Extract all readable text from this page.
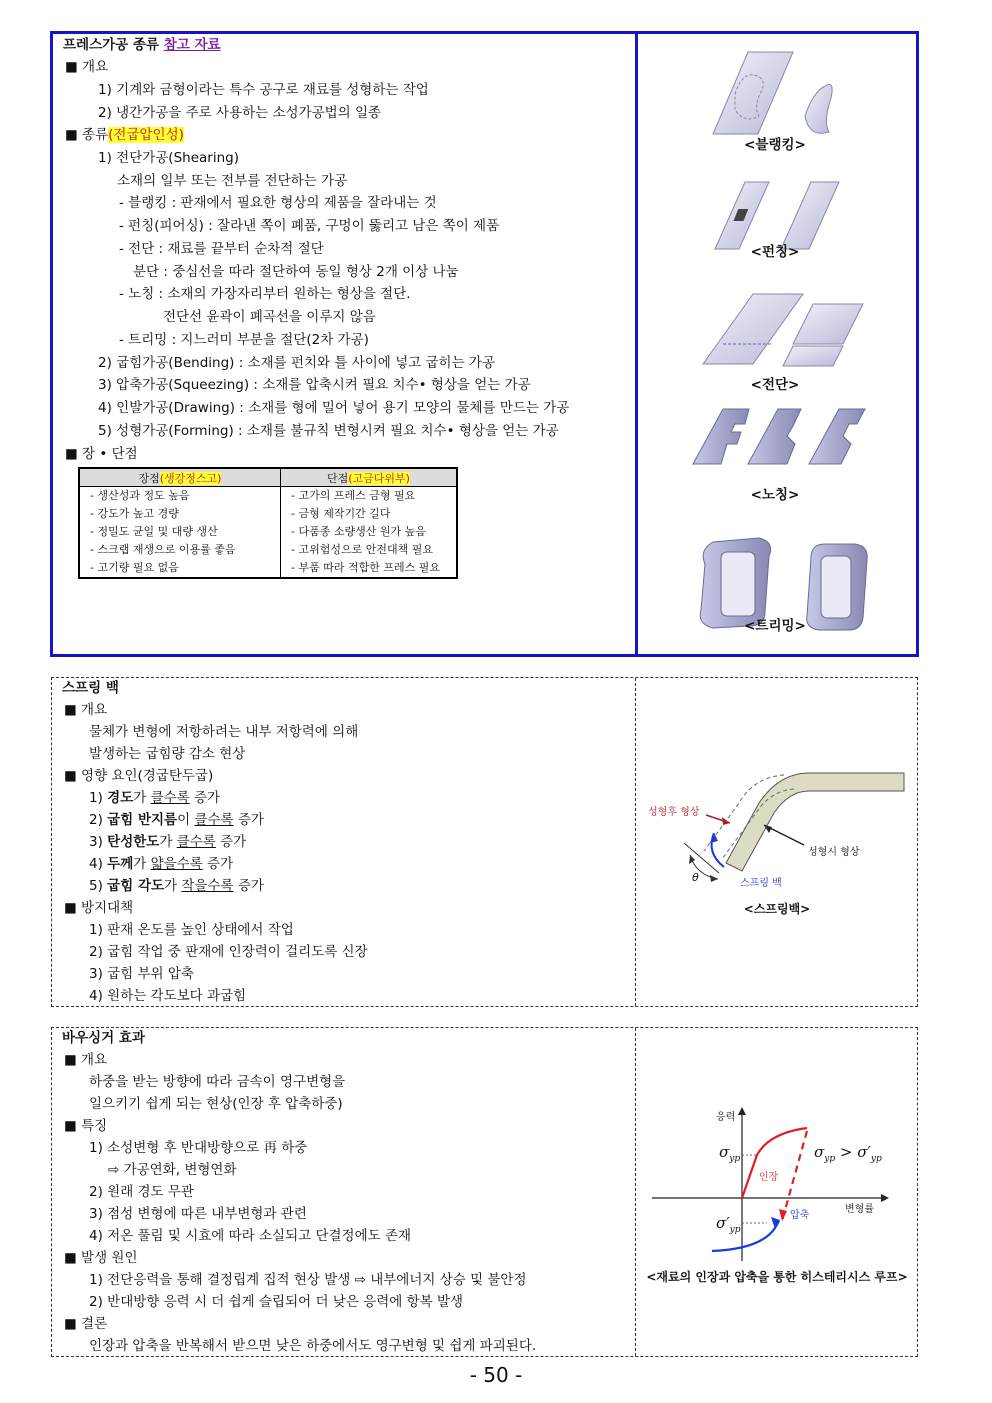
프레스가공 종류 참고 자료
■ 개요
1) 기계와 금형이라는 특수 공구로 재료를 성형하는 작업
2) 냉간가공을 주로 사용하는 소성가공법의 일종
■ 종류(전굽압인성)
1) 전단가공(Shearing)
소재의 일부 또는 전부를 전단하는 가공
- 블랭킹 : 판재에서 필요한 형상의 제품을 잘라내는 것
- 펀칭(피어싱) : 잘라낸 쪽이 폐품, 구멍이 뚫리고 남은 쪽이 제품
- 전단 : 재료를 끝부터 순차적 절단
분단 : 중심선을 따라 절단하여 동일 형상 2개 이상 나눔
- 노칭 : 소재의 가장자리부터 원하는 형상을 절단.
전단선 윤곽이 폐곡선을 이루지 않음
- 트리밍 : 지느러미 부분을 절단(2차 가공)
2) 굽힘가공(Bending) : 소재를 펀치와 틀 사이에 넣고 굽히는 가공
3) 압축가공(Squeezing) : 소재를 압축시켜 필요 치수• 형상을 얻는 가공
4) 인발가공(Drawing) : 소재를 형에 밀어 넣어 용기 모양의 물체를 만드는 가공
5) 성형가공(Forming) : 소재를 불규칙 변형시켜 필요 치수• 형상을 얻는 가공
■ 장 • 단점
장점(생강정스고)	단점(고금다위부)
- 생산성과 정도 높음	- 고가의 프레스 금형 필요
- 강도가 높고 경량	- 금형 제작기간 길다
- 정밀도 균일 및 대량 생산	- 다품종 소량생산 원가 높음
- 스크랩 재생으로 이용률 좋음	- 고위험성으로 안전대책 필요
- 고기량 필요 없음	- 부품 따라 적합한 프레스 필요
<블랭킹>
<펀칭>
<전단>
<노칭>
<트리밍>
스프링 백
■ 개요
물체가 변형에 저항하려는 내부 저항력에 의해
발생하는 굽힘량 감소 현상
■ 영향 요인(경굽탄두굽)
1) 경도가 클수록 증가
2) 굽힘 반지름이 클수록 증가
3) 탄성한도가 클수록 증가
4) 두께가 얇을수록 증가
5) 굽힘 각도가 작을수록 증가
■ 방지대책
1) 판재 온도를 높인 상태에서 작업
2) 굽힘 작업 중 판재에 인장력이 걸리도록 신장
3) 굽힘 부위 압축
4) 원하는 각도보다 과굽힘
성형후 형상
성형시 형상
스프링 백
θ
<스프링백>
바우싱거 효과
■ 개요
하중을 받는 방향에 따라 금속이 영구변형을
일으키기 쉽게 되는 현상(인장 후 압축하중)
■ 특징
1) 소성변형 후 반대방향으로 再 하중
⇨ 가공연화, 변형연화
2) 원래 경도 무관
3) 점성 변형에 따른 내부변형과 관련
4) 저온 풀림 및 시효에 따라 소실되고 단결정에도 존재
■ 발생 원인
1) 전단응력을 통해 결정립계 집적 현상 발생 ⇨ 내부에너지 상승 및 불안정
2) 반대방향 응력 시 더 쉽게 슬립되어 더 낮은 응력에 항복 발생
■ 결론
인장과 압축을 반복해서 받으면 낮은 하중에서도 영구변형 및 쉽게 파괴된다.
응력
변형률
$\sigma_{yp}$
$\sigma'_{yp}$
$\sigma_{yp} > \sigma'_{yp}$
인장
압축
<재료의 인장과 압축을 통한 히스테리시스 루프>
- 50 -
